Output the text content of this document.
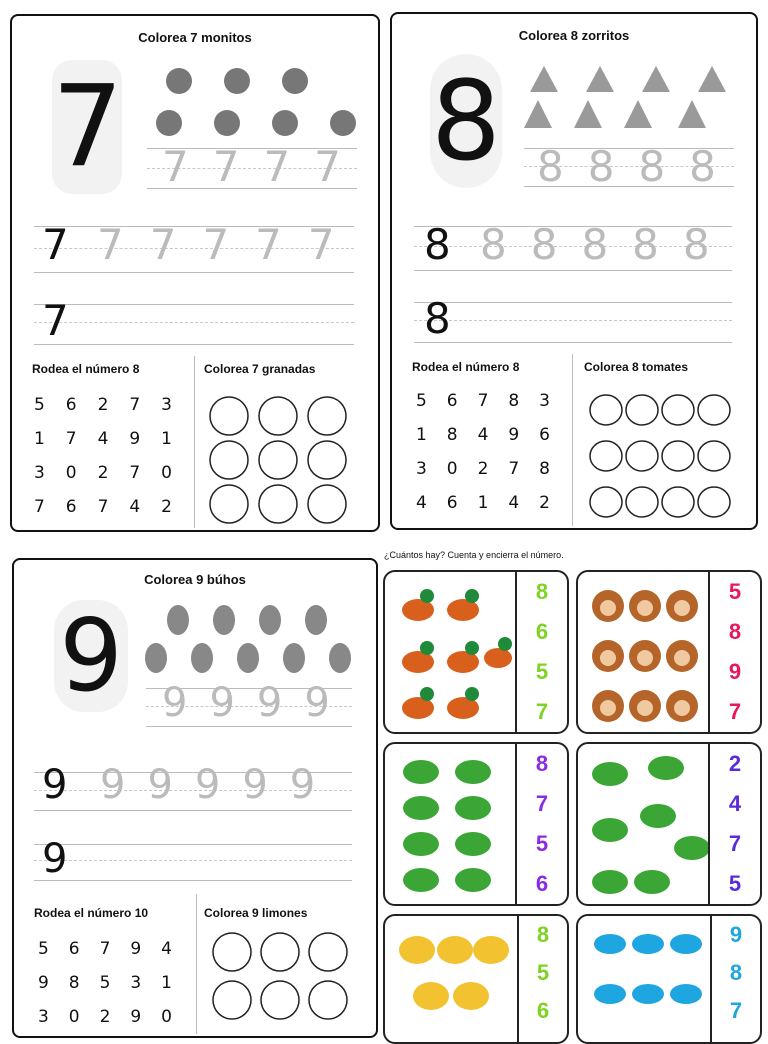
Colorea 7 monitos
7 7777
7 77777
7
Rodea el número 8	Colorea 7 granadas
5 6 2 7 3
1 7 4 9 1
3 0 2 7 0
7 6 7 4 2
Colorea 8 zorritos
8 8888
8 88888
8
Rodea el número 8	Colorea 8 tomates
5 6 7 8 3
1 8 4 9 6
3 0 2 7 8
4 6 1 4 2
Colorea 9 búhos
9 9999
9 99999
9
Rodea el número 10	Colorea 9 limones
5 6 7 9 4
9 8 5 3 1
3 0 2 9 0
¿Cuántos hay? Cuenta y encierra el número.
8
6
5
7
5
8
9
7
8
7
5
6
2
4
7
5
8
5
6
9
8
7
